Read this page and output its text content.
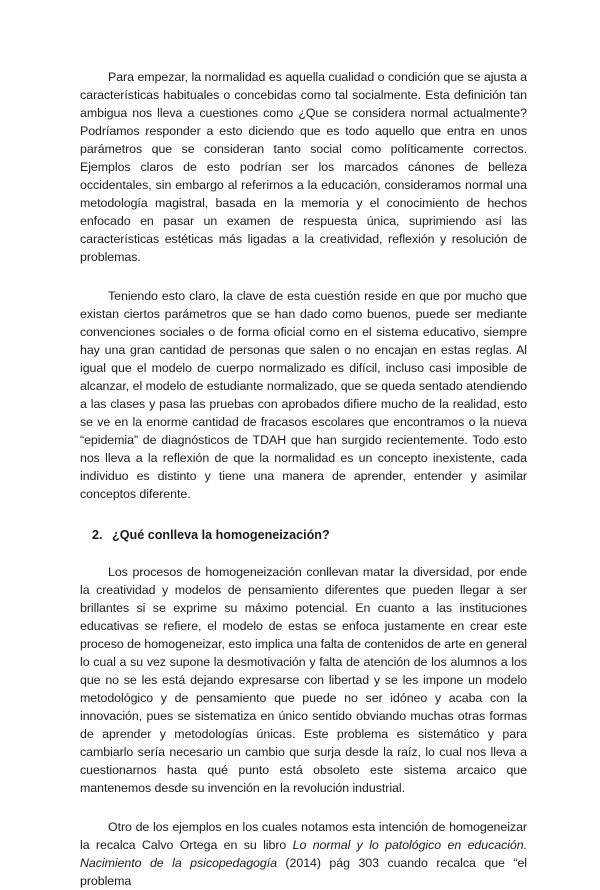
Para empezar, la normalidad es aquella cualidad o condición que se ajusta a características habituales o concebidas como tal socialmente. Esta definición tan ambigua nos lleva a cuestiones como ¿Que se considera normal actualmente? Podríamos responder a esto diciendo que es todo aquello que entra en unos parámetros que se consideran tanto social como políticamente correctos. Ejemplos claros de esto podrían ser los marcados cánones de belleza occidentales, sin embargo al referirnos a la educación, consideramos normal una metodología magistral, basada en la memoria y el conocimiento de hechos enfocado en pasar un examen de respuesta única, suprimiendo así las características estéticas más ligadas a la creatividad, reflexión y resolución de problemas.

Teniendo esto claro, la clave de esta cuestión reside en que por mucho que existan ciertos parámetros que se han dado como buenos, puede ser mediante convenciones sociales o de forma oficial como en el sistema educativo, siempre hay una gran cantidad de personas que salen o no encajan en estas reglas. Al igual que el modelo de cuerpo normalizado es difícil, incluso casi imposible de alcanzar, el modelo de estudiante normalizado, que se queda sentado atendiendo a las clases y pasa las pruebas con aprobados difiere mucho de la realidad, esto se ve en la enorme cantidad de fracasos escolares que encontramos o la nueva “epidemia” de diagnósticos de TDAH que han surgido recientemente. Todo esto nos lleva a la reflexión de que la normalidad es un concepto inexistente, cada individuo es distinto y tiene una manera de aprender, entender y asimilar conceptos diferente.

2. ¿Qué conlleva la homogeneización?

Los procesos de homogeneización conllevan matar la diversidad, por ende la creatividad y modelos de pensamiento diferentes que pueden llegar a ser brillantes si se exprime su máximo potencial. En cuanto a las instituciones educativas se refiere, el modelo de estas se enfoca justamente en crear este proceso de homogeneizar, esto implica una falta de contenidos de arte en general lo cual a su vez supone la desmotivación y falta de atención de los alumnos a los que no se les está dejando expresarse con libertad y se les impone un modelo metodológico y de pensamiento que puede no ser idóneo y acaba con la innovación, pues se sistematiza en único sentido obviando muchas otras formas de aprender y metodologías únicas. Este problema es sistemático y para cambiarlo sería necesario un cambio que surja desde la raíz, lo cual nos lleva a cuestionarnos hasta qué punto está obsoleto este sistema arcaico que mantenemos desde su invención en la revolución industrial.

Otro de los ejemplos en los cuales notamos esta intención de homogeneizar la recalca Calvo Ortega en su libro Lo normal y lo patológico en educación. Nacimiento de la psicopedagogía (2014) pág 303 cuando recalca que “el problema
